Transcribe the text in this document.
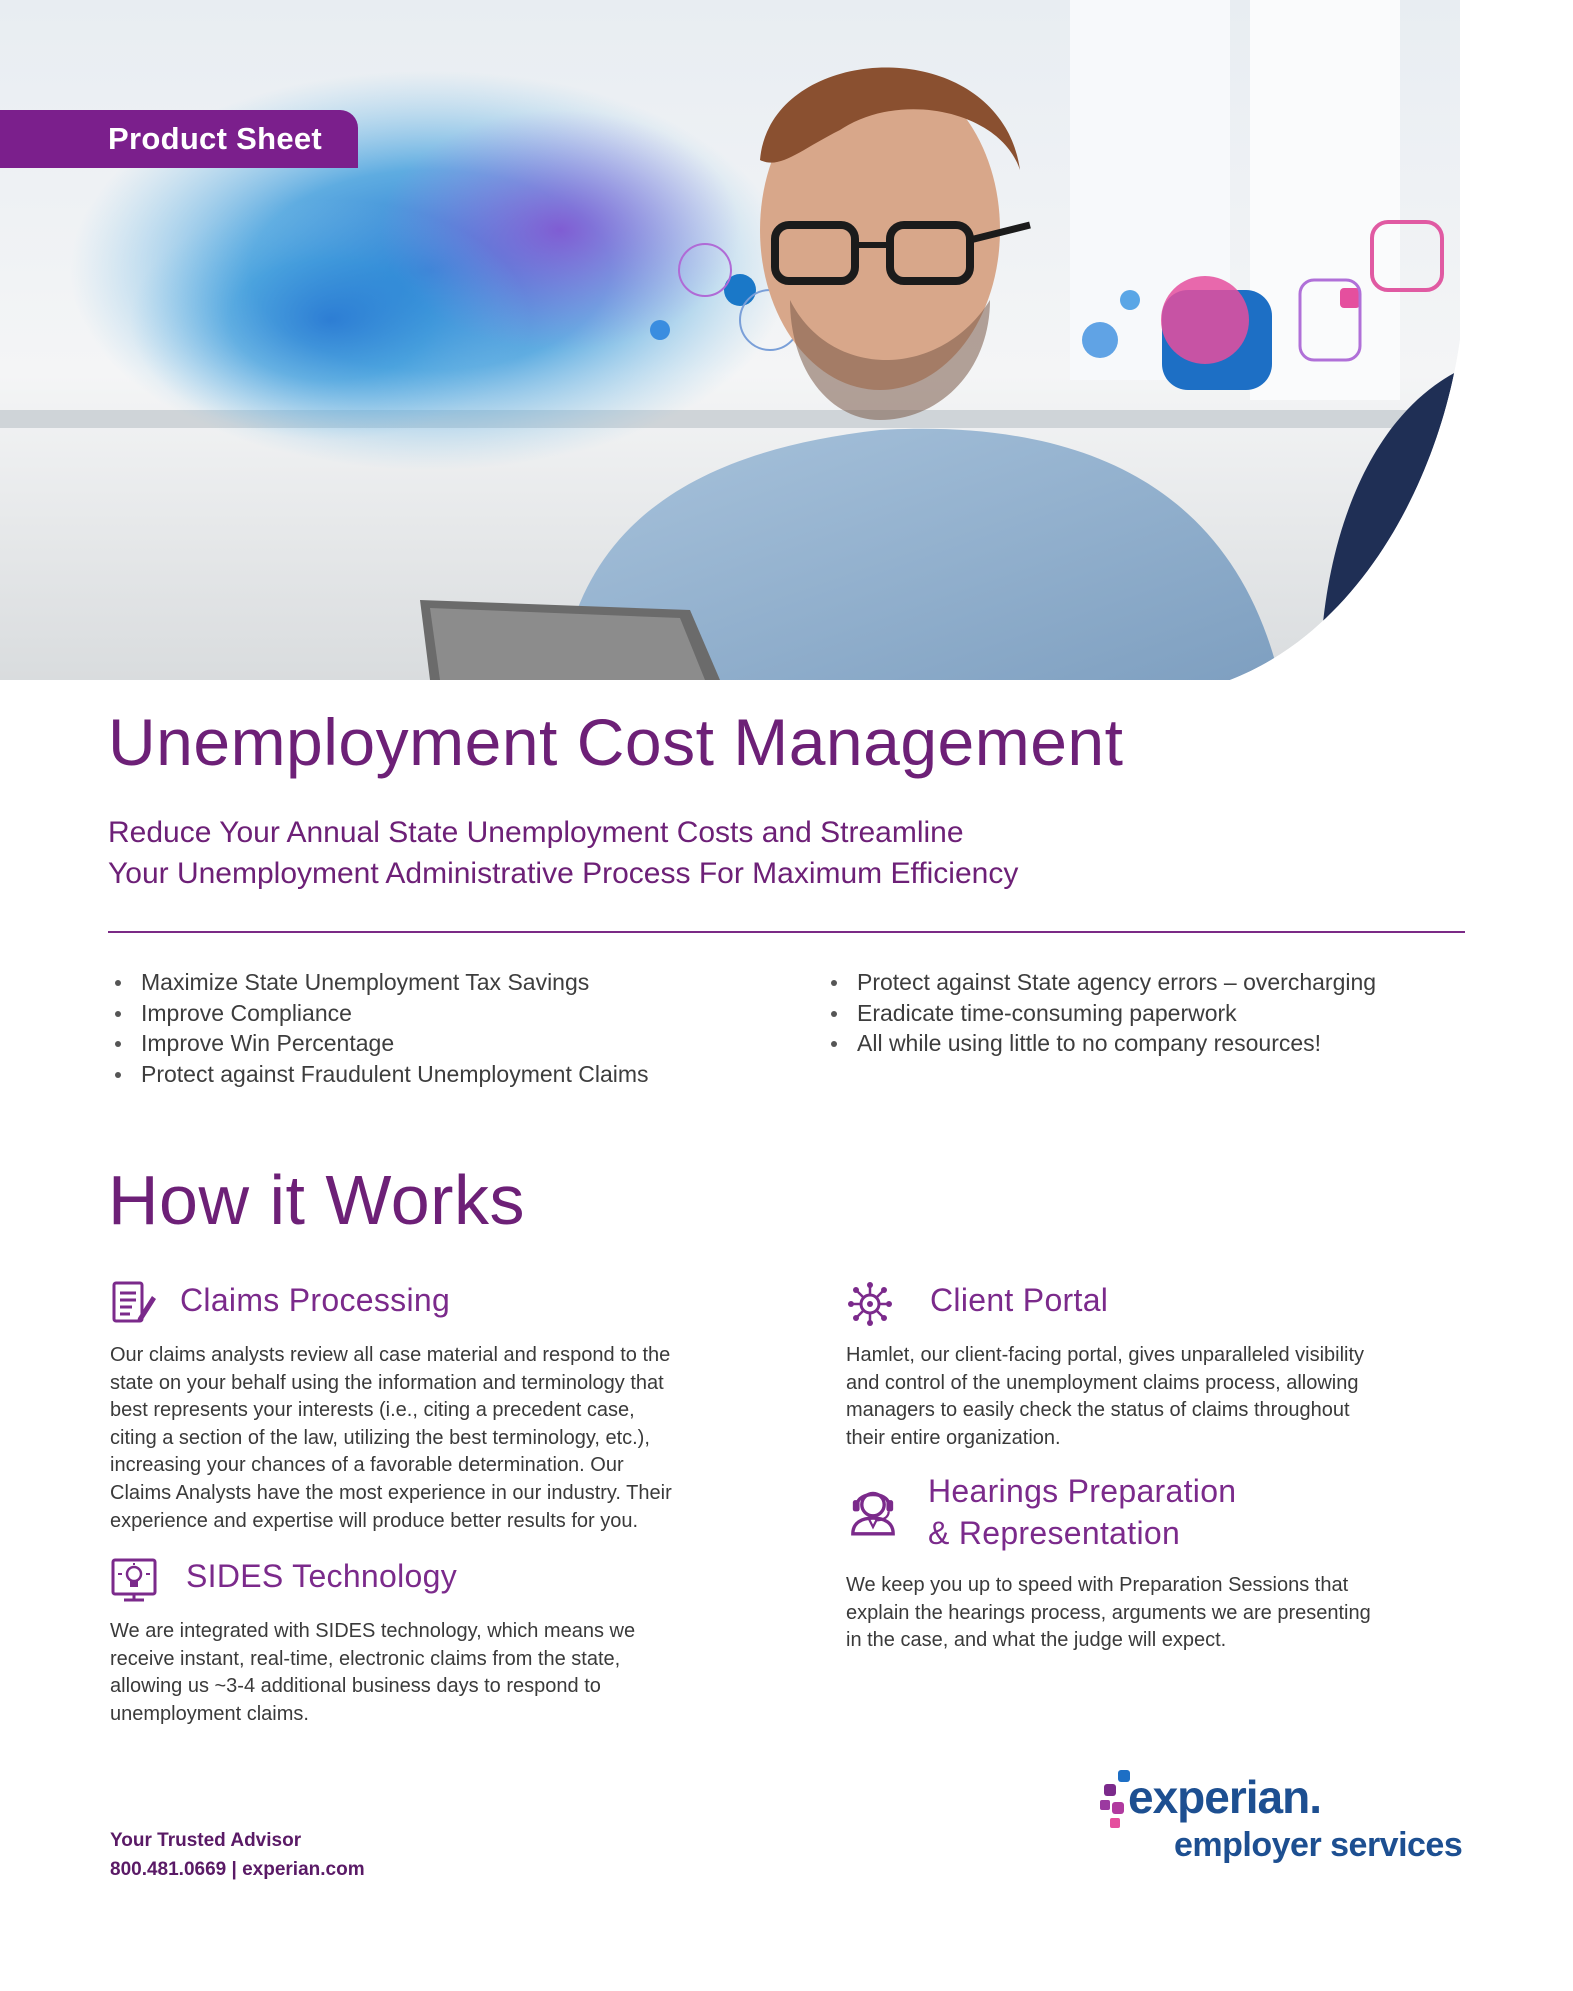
Product Sheet
Unemployment Cost Management
Reduce Your Annual State Unemployment Costs and Streamline
Your Unemployment Administrative Process For Maximum Efficiency
Maximize State Unemployment Tax Savings
Improve Compliance
Improve Win Percentage
Protect against Fraudulent Unemployment Claims
Protect against State agency errors – overcharging
Eradicate time-consuming paperwork
All while using little to no company resources!
How it Works
Claims Processing

Our claims analysts review all case material and respond to the
state on your behalf using the information and terminology that
best represents your interests (i.e., citing a precedent case,
citing a section of the law, utilizing the best terminology, etc.),
increasing your chances of a favorable determination. Our
Claims Analysts have the most experience in our industry. Their
experience and expertise will produce better results for you.

SIDES Technology

We are integrated with SIDES technology, which means we
receive instant, real-time, electronic claims from the state,
allowing us ~3-4 additional business days to respond to
unemployment claims.

Client Portal

Hamlet, our client-facing portal, gives unparalleled visibility
and control of the unemployment claims process, allowing
managers to easily check the status of claims throughout
their entire organization.

Hearings Preparation
& Representation

We keep you up to speed with Preparation Sessions that
explain the hearings process, arguments we are presenting
in the case, and what the judge will expect.

Your Trusted Advisor
800.481.0669 | experian.com
experian.
employer services
